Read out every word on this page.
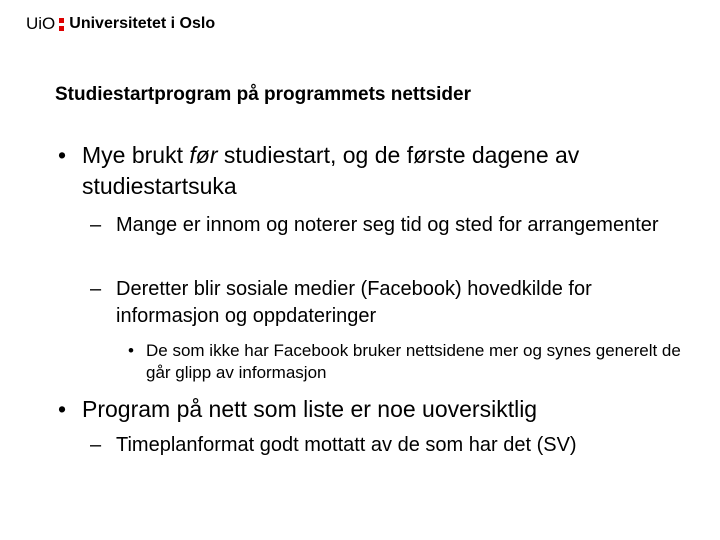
UiO Universitetet i Oslo
Studiestartprogram på programmets nettsider
• Mye brukt før studiestart, og de første dagene av studiestartsuka
– Mange er innom og noterer seg tid og sted for arrangementer
– Deretter blir sosiale medier (Facebook) hovedkilde for informasjon og oppdateringer
• De som ikke har Facebook bruker nettsidene mer og synes generelt de går glipp av informasjon
• Program på nett som liste er noe uoversiktlig
– Timeplanformat godt mottatt av de som har det (SV)
